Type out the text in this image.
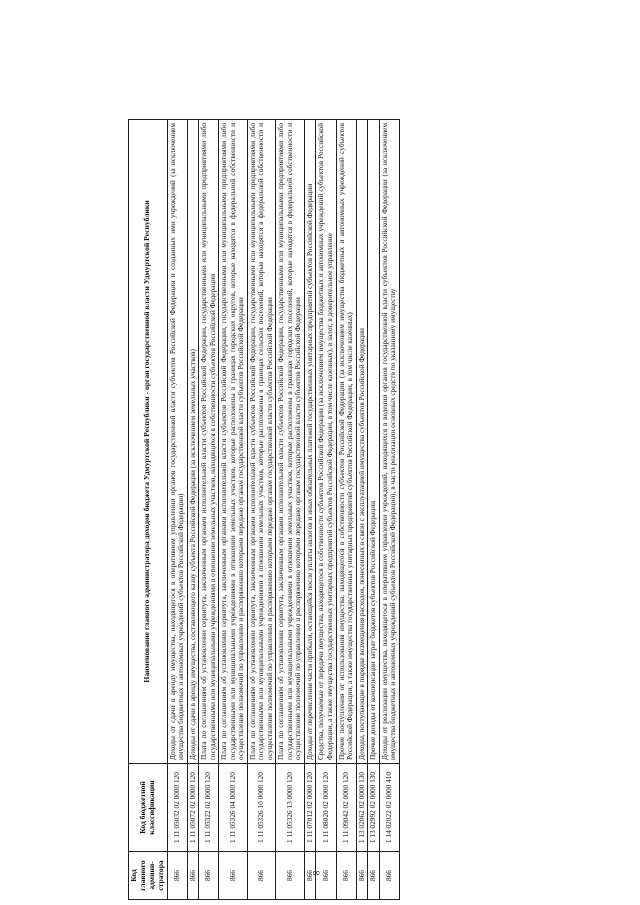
8
Код главного админи-стратора	Код бюджетной классификации	Наименование главного администратора доходов бюджета Удмуртской Республики - орган государственной власти Удмуртской Республики
866	1 11 05032 02 0000 120	Доходы от сдачи в аренду имущества, находящегося в оперативном управлении органов государственной власти субъектов Российской Федерации и созданных ими учреждений (за исключением имущества бюджетных и автономных учреждений субъектов Российской Федерации)
866	1 11 05072 02 0000 120	Доходы от сдачи в аренду имущества, составляющего казну субъекта Российской Федерации (за исключением земельных участков)
866	1 11 05322 02 0000 120	Плата по соглашениям об установлении сервитута, заключенным органами исполнительной власти субъектов Российской Федерации, государственными или муниципальными предприятиями либо государственными или муниципальными учреждениями в отношении земельных участков, находящихся в собственности субъектов Российской Федерации
866	1 11 05326 04 0000 120	Плата по соглашениям об установлении сервитута, заключенным органами исполнительной власти субъектов Российской Федерации, государственными или муниципальными предприятиями либо государственными или муниципальными учреждениями в отношении земельных участков, которые расположены в границах городских округов, которые находятся в федеральной собственности и осуществление полномочий по управлению и распоряжению которыми передано органам государственной власти субъектов Российской Федерации
866	1 11 05326 10 0000 120	Плата по соглашениям об установлении сервитута, заключенным органами исполнительной власти субъектов Российской Федерации, государственными или муниципальными предприятиями либо государственными или муниципальными учреждениями в отношении земельных участков, которые расположены в границах сельских поселений, которые находятся в федеральной собственности и осуществление полномочий по управлению и распоряжению которыми передано органам государственной власти субъектов Российской Федерации
866	1 11 05326 13 0000 120	Плата по соглашениям об установлении сервитута, заключенным органами исполнительной власти субъектов Российской Федерации, государственными или муниципальными предприятиями либо государственными или муниципальными учреждениями в отношении земельных участков, которые расположены в границах городских поселений, которые находятся в федеральной собственности и осуществление полномочий по управлению и распоряжению которыми передано органам государственной власти субъектов Российской Федерации
866	1 11 07012 02 0000 120	Доходы от перечисления части прибыли, остающейся после уплаты налогов и иных обязательных платежей государственных унитарных предприятий субъектов Российской Федерации
866	1 11 08020 02 0000 120	Средства, получаемые от передачи имущества, находящегося в собственности субъектов Российской Федерации (за исключением имущества бюджетных и автономных учреждений субъектов Российской Федерации, а также имущества государственных унитарных предприятий субъектов Российской Федерации, в том числе казенных), в залог, в доверительное управление
866	1 11 09042 02 0000 120	Прочие поступления от использования имущества, находящегося в собственности субъектов Российской Федерации (за исключением имущества бюджетных и автономных учреждений субъектов Российской Федерации, а также имущества государственных унитарных предприятий субъектов Российской Федерации, в том числе казенных)
866	1 13 02062 02 0000 130	Доходы, поступающие в порядке возмещения расходов, понесенных в связи с эксплуатацией имущества субъектов Российской Федерации
866	1 13 02992 02 0000 130	Прочие доходы от компенсации затрат бюджетов субъектов Российской Федерации
866	1 14 02022 02 0000 410	Доходы от реализации имущества, находящегося в оперативном управлении учреждений, находящихся в ведении органов государственной власти субъектов Российской Федерации (за исключением имущества бюджетных и автономных учреждений субъектов Российской Федерации), в части реализации основных средств по указанному имуществу
